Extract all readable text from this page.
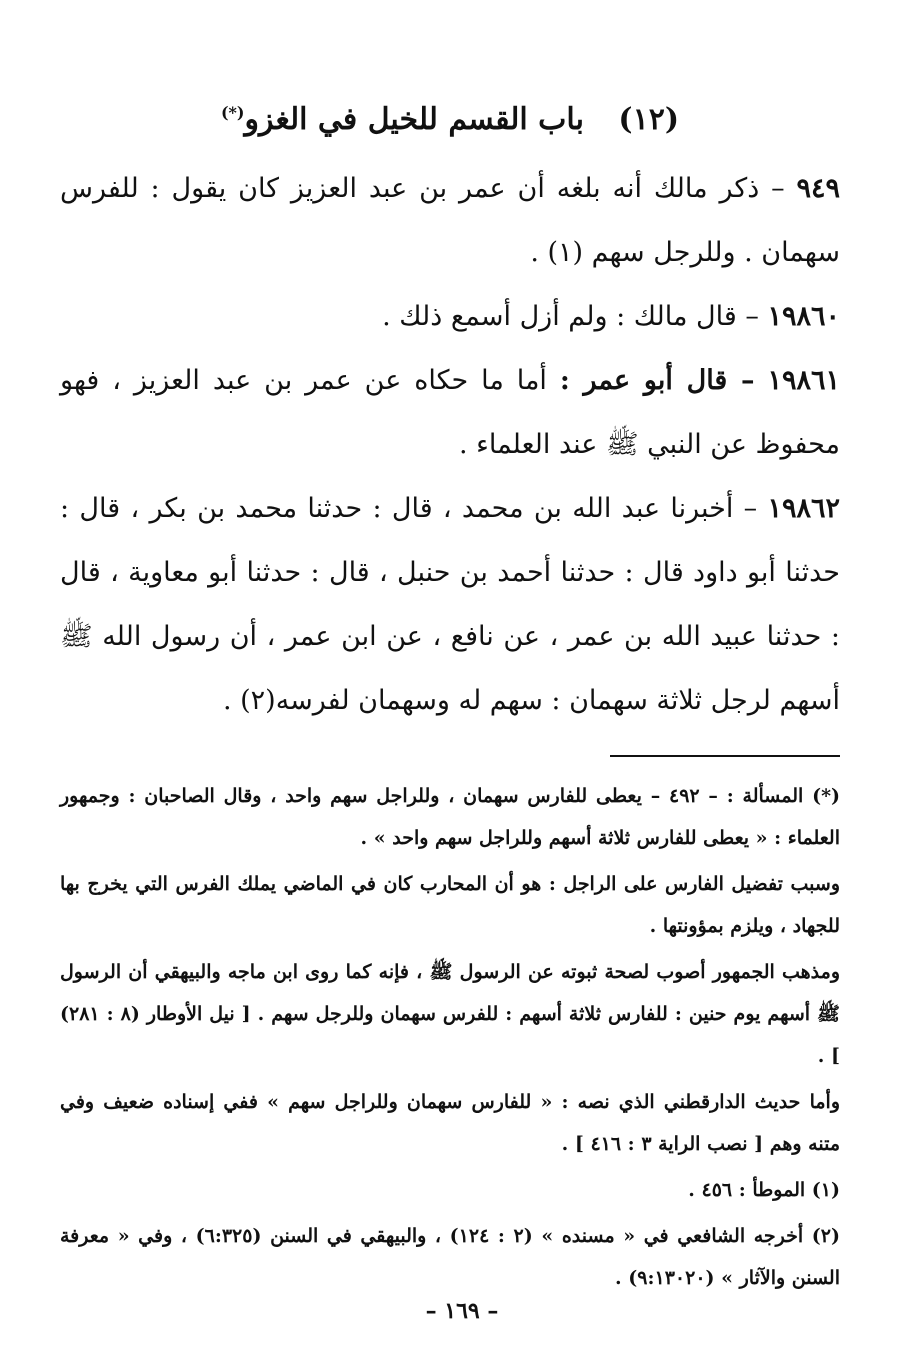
(١٢) باب القسم للخيل في الغزو(*)

٩٤٩ – ذكر مالك أنه بلغه أن عمر بن عبد العزيز كان يقول : للفرس سهمان . وللرجل سهم (١) .

١٩٨٦٠ – قال مالك : ولم أزل أسمع ذلك .

١٩٨٦١ – قال أبو عمر : أما ما حكاه عن عمر بن عبد العزيز ، فهو محفوظ عن النبي ﷺ عند العلماء .

١٩٨٦٢ – أخبرنا عبد الله بن محمد ، قال : حدثنا محمد بن بكر ، قال : حدثنا أبو داود قال : حدثنا أحمد بن حنبل ، قال : حدثنا أبو معاوية ، قال : حدثنا عبيد الله بن عمر ، عن نافع ، عن ابن عمر ، أن رسول الله ﷺ أسهم لرجل ثلاثة سهمان : سهم له وسهمان لفرسه(٢) .

(*) المسألة : – ٤٩٢ – يعطى للفارس سهمان ، وللراجل سهم واحد ، وقال الصاحبان : وجمهور العلماء : « يعطى للفارس ثلاثة أسهم وللراجل سهم واحد » .

وسبب تفضيل الفارس على الراجل : هو أن المحارب كان في الماضي يملك الفرس التي يخرج بها للجهاد ، ويلزم بمؤونتها .

ومذهب الجمهور أصوب لصحة ثبوته عن الرسول ﷺ ، فإنه كما روى ابن ماجه والبيهقي أن الرسول ﷺ أسهم يوم حنين : للفارس ثلاثة أسهم : للفرس سهمان وللرجل سهم . [ نيل الأوطار (٨ : ٢٨١) ] .

وأما حديث الدارقطني الذي نصه : « للفارس سهمان وللراجل سهم » ففي إسناده ضعيف وفي متنه وهم [ نصب الراية ٣ : ٤١٦ ] .

(١) الموطأ : ٤٥٦ .

(٢) أخرجه الشافعي في « مسنده » (٢ : ١٢٤) ، والبيهقي في السنن (٦:٣٢٥) ، وفي « معرفة السنن والآثار » (٩:١٣٠٢٠) .

– ١٦٩ –
